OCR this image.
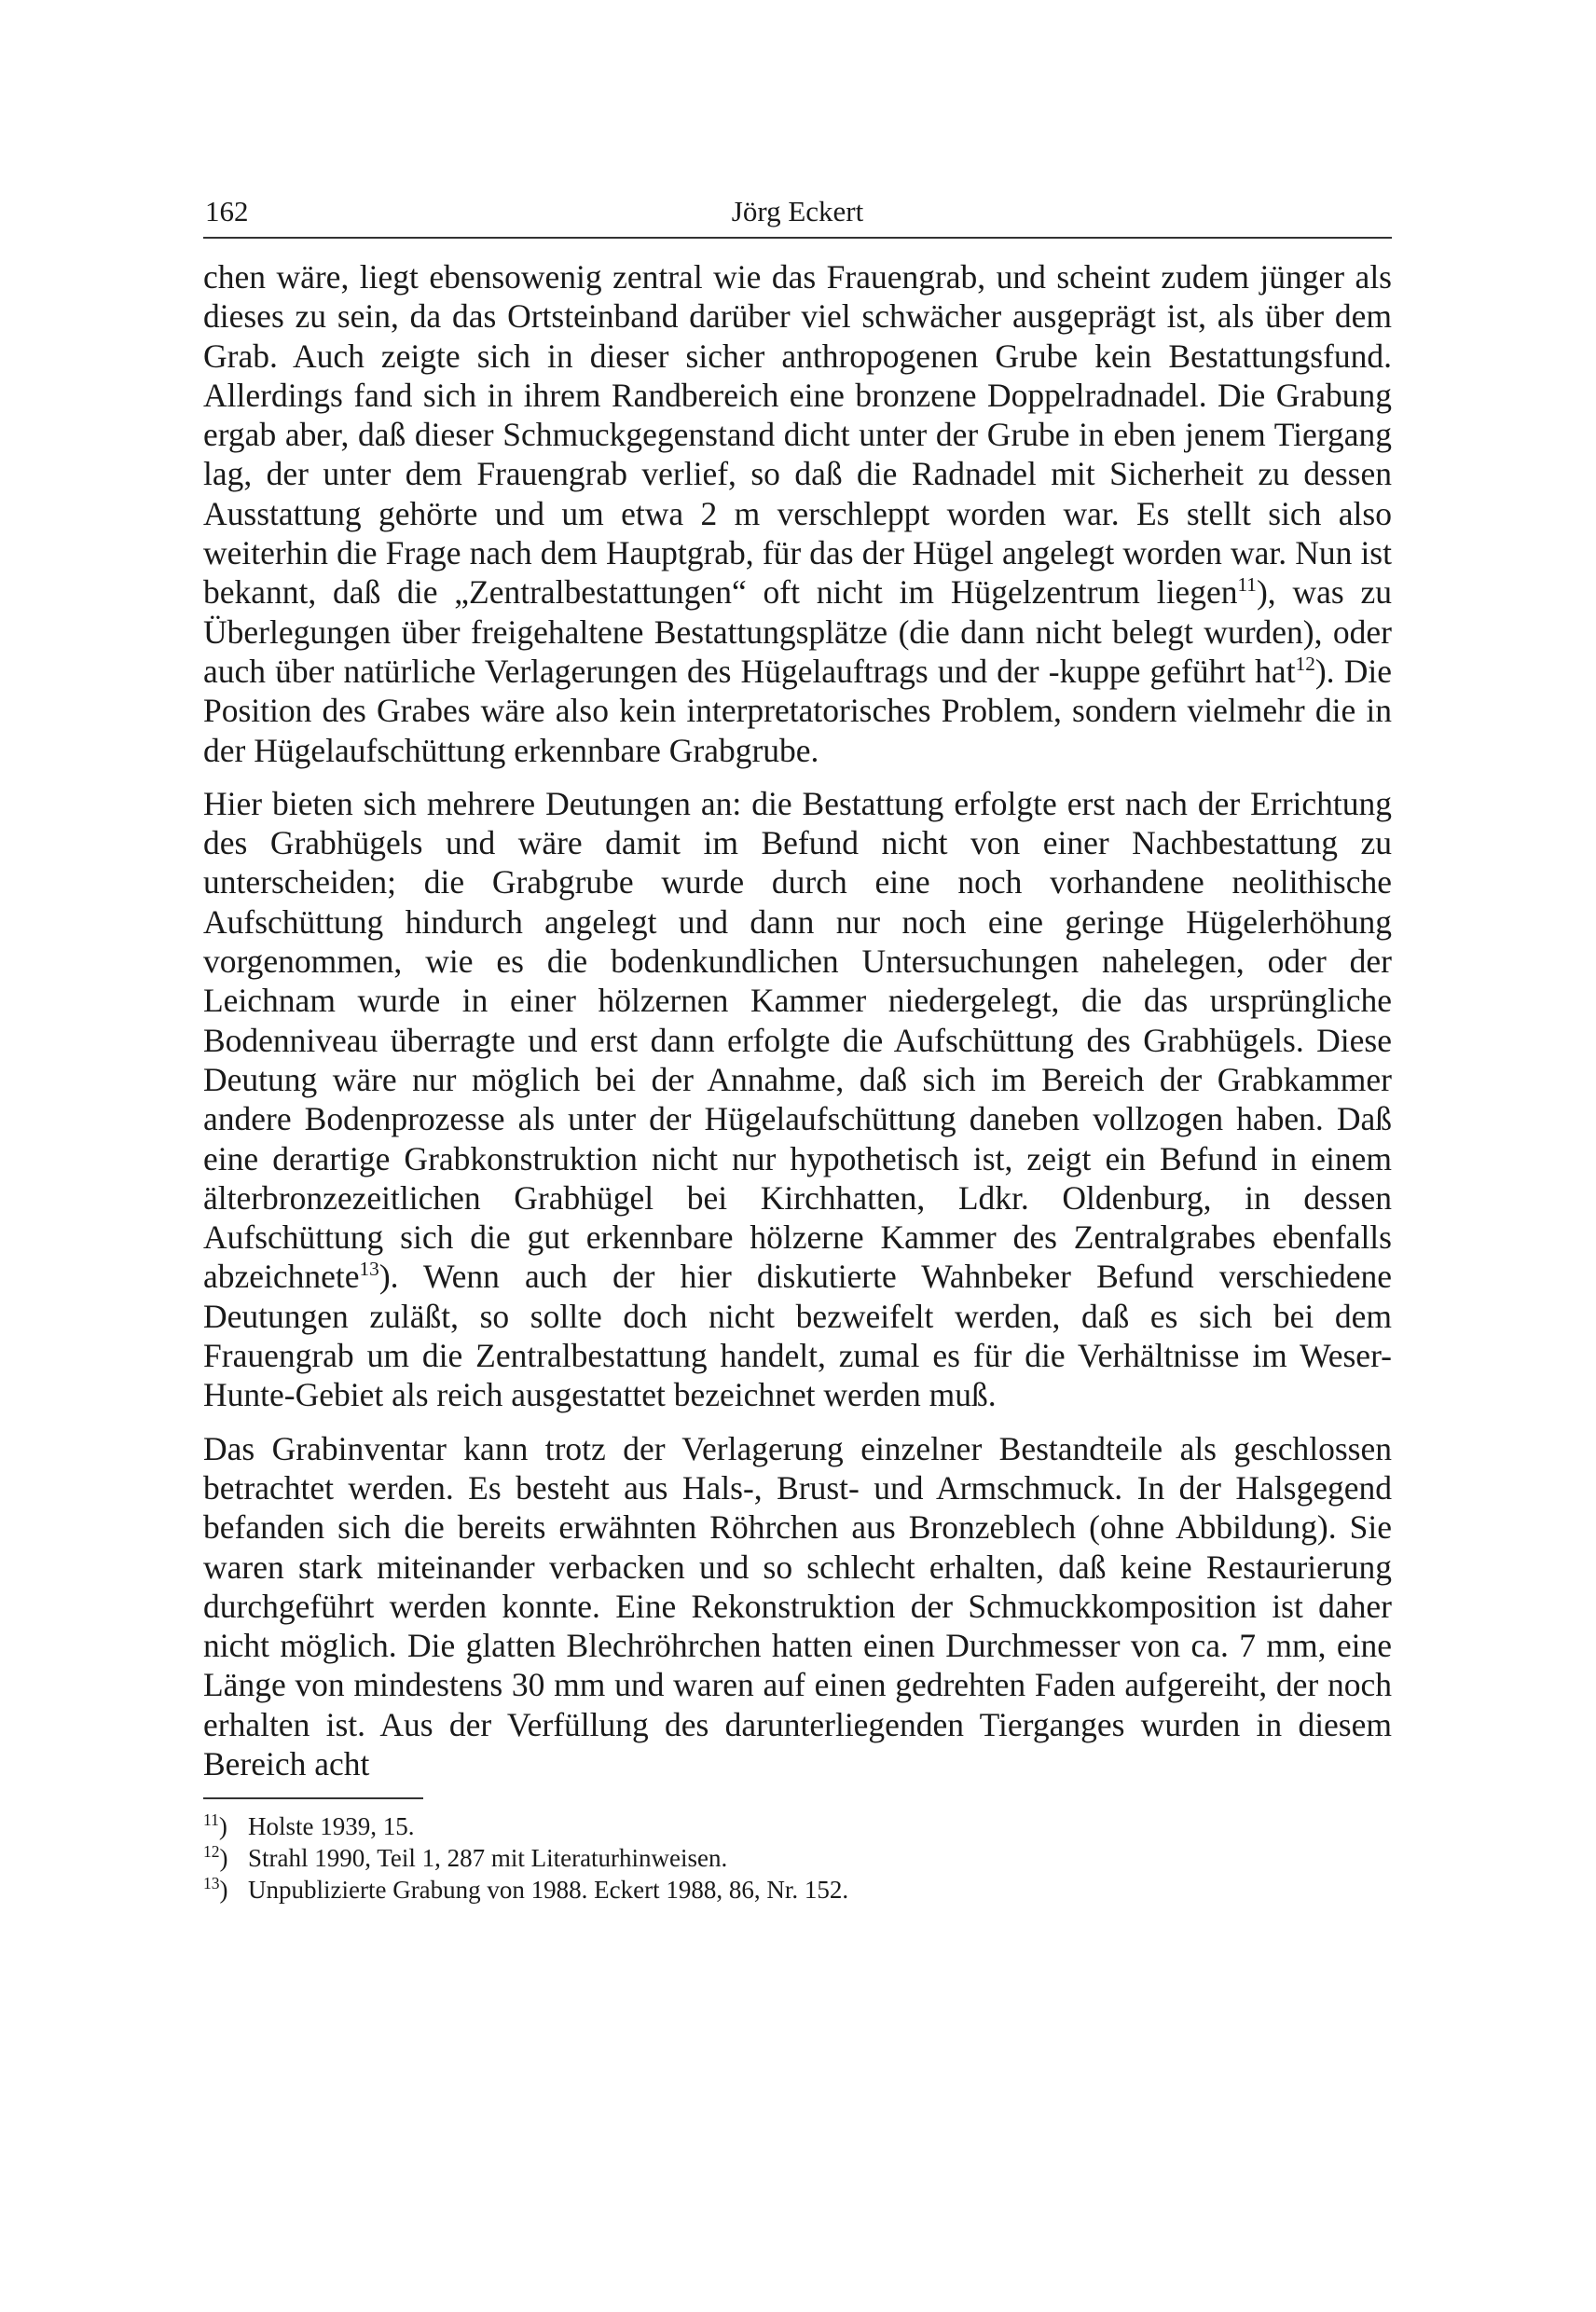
162	Jörg Eckert

chen wäre, liegt ebensowenig zentral wie das Frauengrab, und scheint zudem jünger als dieses zu sein, da das Ortsteinband darüber viel schwächer ausgeprägt ist, als über dem Grab. Auch zeigte sich in dieser sicher anthropogenen Grube kein Bestattungsfund. Allerdings fand sich in ihrem Randbereich eine bronzene Doppelradnadel. Die Grabung ergab aber, daß dieser Schmuckgegenstand dicht unter der Grube in eben jenem Tiergang lag, der unter dem Frauengrab verlief, so daß die Radnadel mit Sicherheit zu dessen Ausstattung gehörte und um etwa 2 m verschleppt worden war. Es stellt sich also weiterhin die Frage nach dem Hauptgrab, für das der Hügel angelegt worden war. Nun ist bekannt, daß die „Zentralbestattungen“ oft nicht im Hügelzentrum liegen$^{11}$), was zu Überlegungen über freigehaltene Bestattungsplätze (die dann nicht belegt wurden), oder auch über natürliche Verlagerungen des Hügelauftrags und der -kuppe geführt hat$^{12}$). Die Position des Grabes wäre also kein interpretatorisches Problem, sondern vielmehr die in der Hügelaufschüttung erkennbare Grabgrube.

Hier bieten sich mehrere Deutungen an: die Bestattung erfolgte erst nach der Errichtung des Grabhügels und wäre damit im Befund nicht von einer Nachbestattung zu unterscheiden; die Grabgrube wurde durch eine noch vorhandene neolithische Aufschüttung hindurch angelegt und dann nur noch eine geringe Hügelerhöhung vorgenommen, wie es die bodenkundlichen Untersuchungen nahelegen, oder der Leichnam wurde in einer hölzernen Kammer niedergelegt, die das ursprüngliche Bodenniveau überragte und erst dann erfolgte die Aufschüttung des Grabhügels. Diese Deutung wäre nur möglich bei der Annahme, daß sich im Bereich der Grabkammer andere Bodenprozesse als unter der Hügelaufschüttung daneben vollzogen haben. Daß eine derartige Grabkonstruktion nicht nur hypothetisch ist, zeigt ein Befund in einem älterbronzezeitlichen Grabhügel bei Kirchhatten, Ldkr. Oldenburg, in dessen Aufschüttung sich die gut erkennbare hölzerne Kammer des Zentralgrabes ebenfalls abzeichnete$^{13}$). Wenn auch der hier diskutierte Wahnbeker Befund verschiedene Deutungen zuläßt, so sollte doch nicht bezweifelt werden, daß es sich bei dem Frauengrab um die Zentralbestattung handelt, zumal es für die Verhältnisse im Weser-Hunte-Gebiet als reich ausgestattet bezeichnet werden muß.

Das Grabinventar kann trotz der Verlagerung einzelner Bestandteile als geschlossen betrachtet werden. Es besteht aus Hals-, Brust- und Armschmuck. In der Halsgegend befanden sich die bereits erwähnten Röhrchen aus Bronzeblech (ohne Abbildung). Sie waren stark miteinander verbacken und so schlecht erhalten, daß keine Restaurierung durchgeführt werden konnte. Eine Rekonstruktion der Schmuckkomposition ist daher nicht möglich. Die glatten Blechröhrchen hatten einen Durchmesser von ca. 7 mm, eine Länge von mindestens 30 mm und waren auf einen gedrehten Faden aufgereiht, der noch erhalten ist. Aus der Verfüllung des darunterliegenden Tierganges wurden in diesem Bereich acht

$^{11}$) Holste 1939, 15.
$^{12}$) Strahl 1990, Teil 1, 287 mit Literaturhinweisen.
$^{13}$) Unpublizierte Grabung von 1988. Eckert 1988, 86, Nr. 152.
